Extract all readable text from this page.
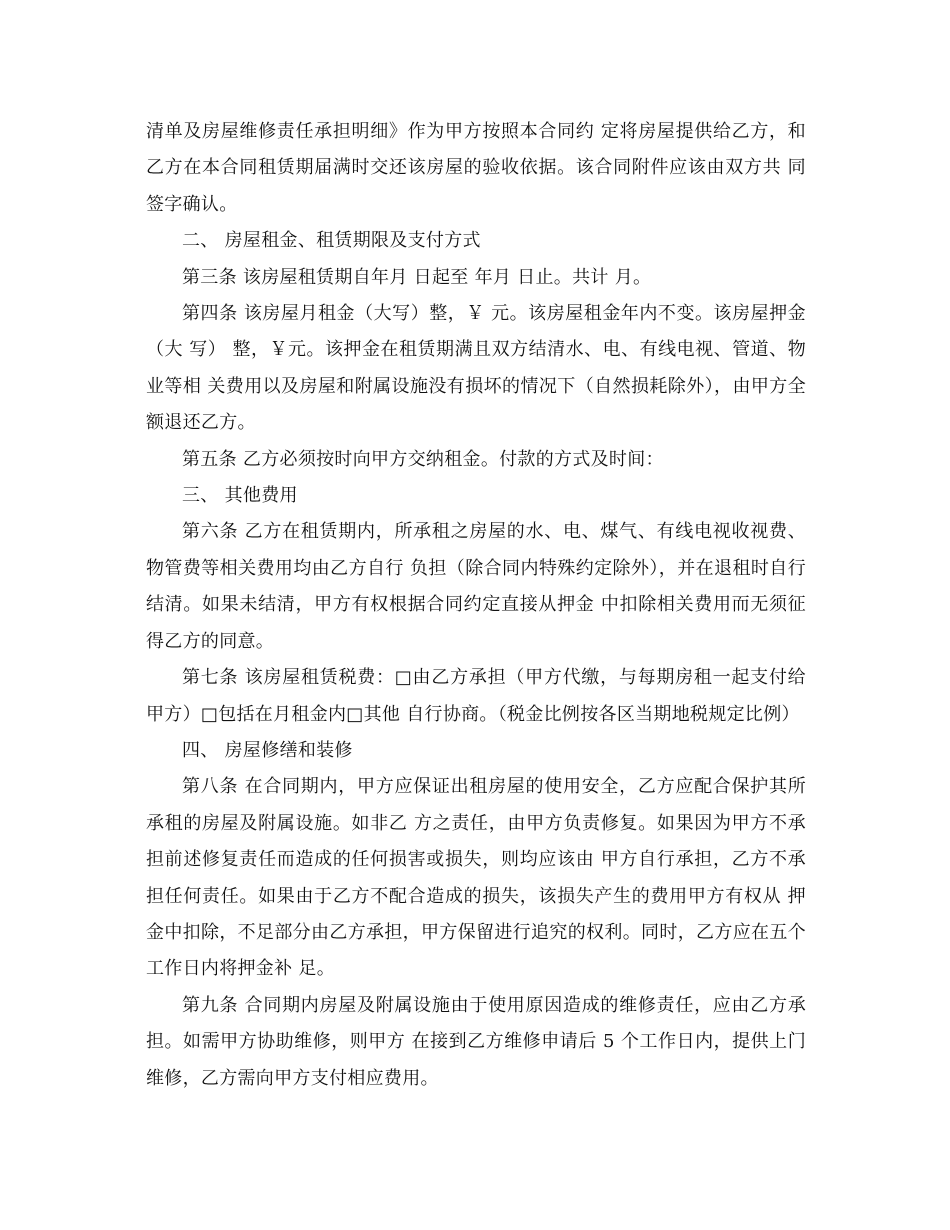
清单及房屋维修责任承担明细》作为甲方按照本合同约 定将房屋提供给乙方，和乙方在本合同租赁期届满时交还该房屋的验收依据。该合同附件应该由双方共 同签字确认。

二、 房屋租金、租赁期限及支付方式

第三条 该房屋租赁期自年月 日起至 年月 日止。共计 月。

第四条 该房屋月租金（大写）整，￥ 元。该房屋租金年内不变。该房屋押金（大 写） 整，￥元。该押金在租赁期满且双方结清水、电、有线电视、管道、物业等相 关费用以及房屋和附属设施没有损坏的情况下（自然损耗除外），由甲方全额退还乙方。

第五条 乙方必须按时向甲方交纳租金。付款的方式及时间：

三、 其他费用

第六条 乙方在租赁期内，所承租之房屋的水、电、煤气、有线电视收视费、物管费等相关费用均由乙方自行 负担（除合同内特殊约定除外），并在退租时自行结清。如果未结清，甲方有权根据合同约定直接从押金 中扣除相关费用而无须征得乙方的同意。

第七条 该房屋租赁税费：□由乙方承担（甲方代缴，与每期房租一起支付给甲方）□包括在月租金内□其他 自行协商。（税金比例按各区当期地税规定比例）

四、 房屋修缮和装修

第八条 在合同期内，甲方应保证出租房屋的使用安全，乙方应配合保护其所承租的房屋及附属设施。如非乙 方之责任，由甲方负责修复。如果因为甲方不承担前述修复责任而造成的任何损害或损失，则均应该由 甲方自行承担，乙方不承担任何责任。如果由于乙方不配合造成的损失，该损失产生的费用甲方有权从 押金中扣除，不足部分由乙方承担，甲方保留进行追究的权利。同时，乙方应在五个工作日内将押金补 足。

第九条 合同期内房屋及附属设施由于使用原因造成的维修责任，应由乙方承担。如需甲方协助维修，则甲方 在接到乙方维修申请后 5 个工作日内，提供上门维修，乙方需向甲方支付相应费用。
